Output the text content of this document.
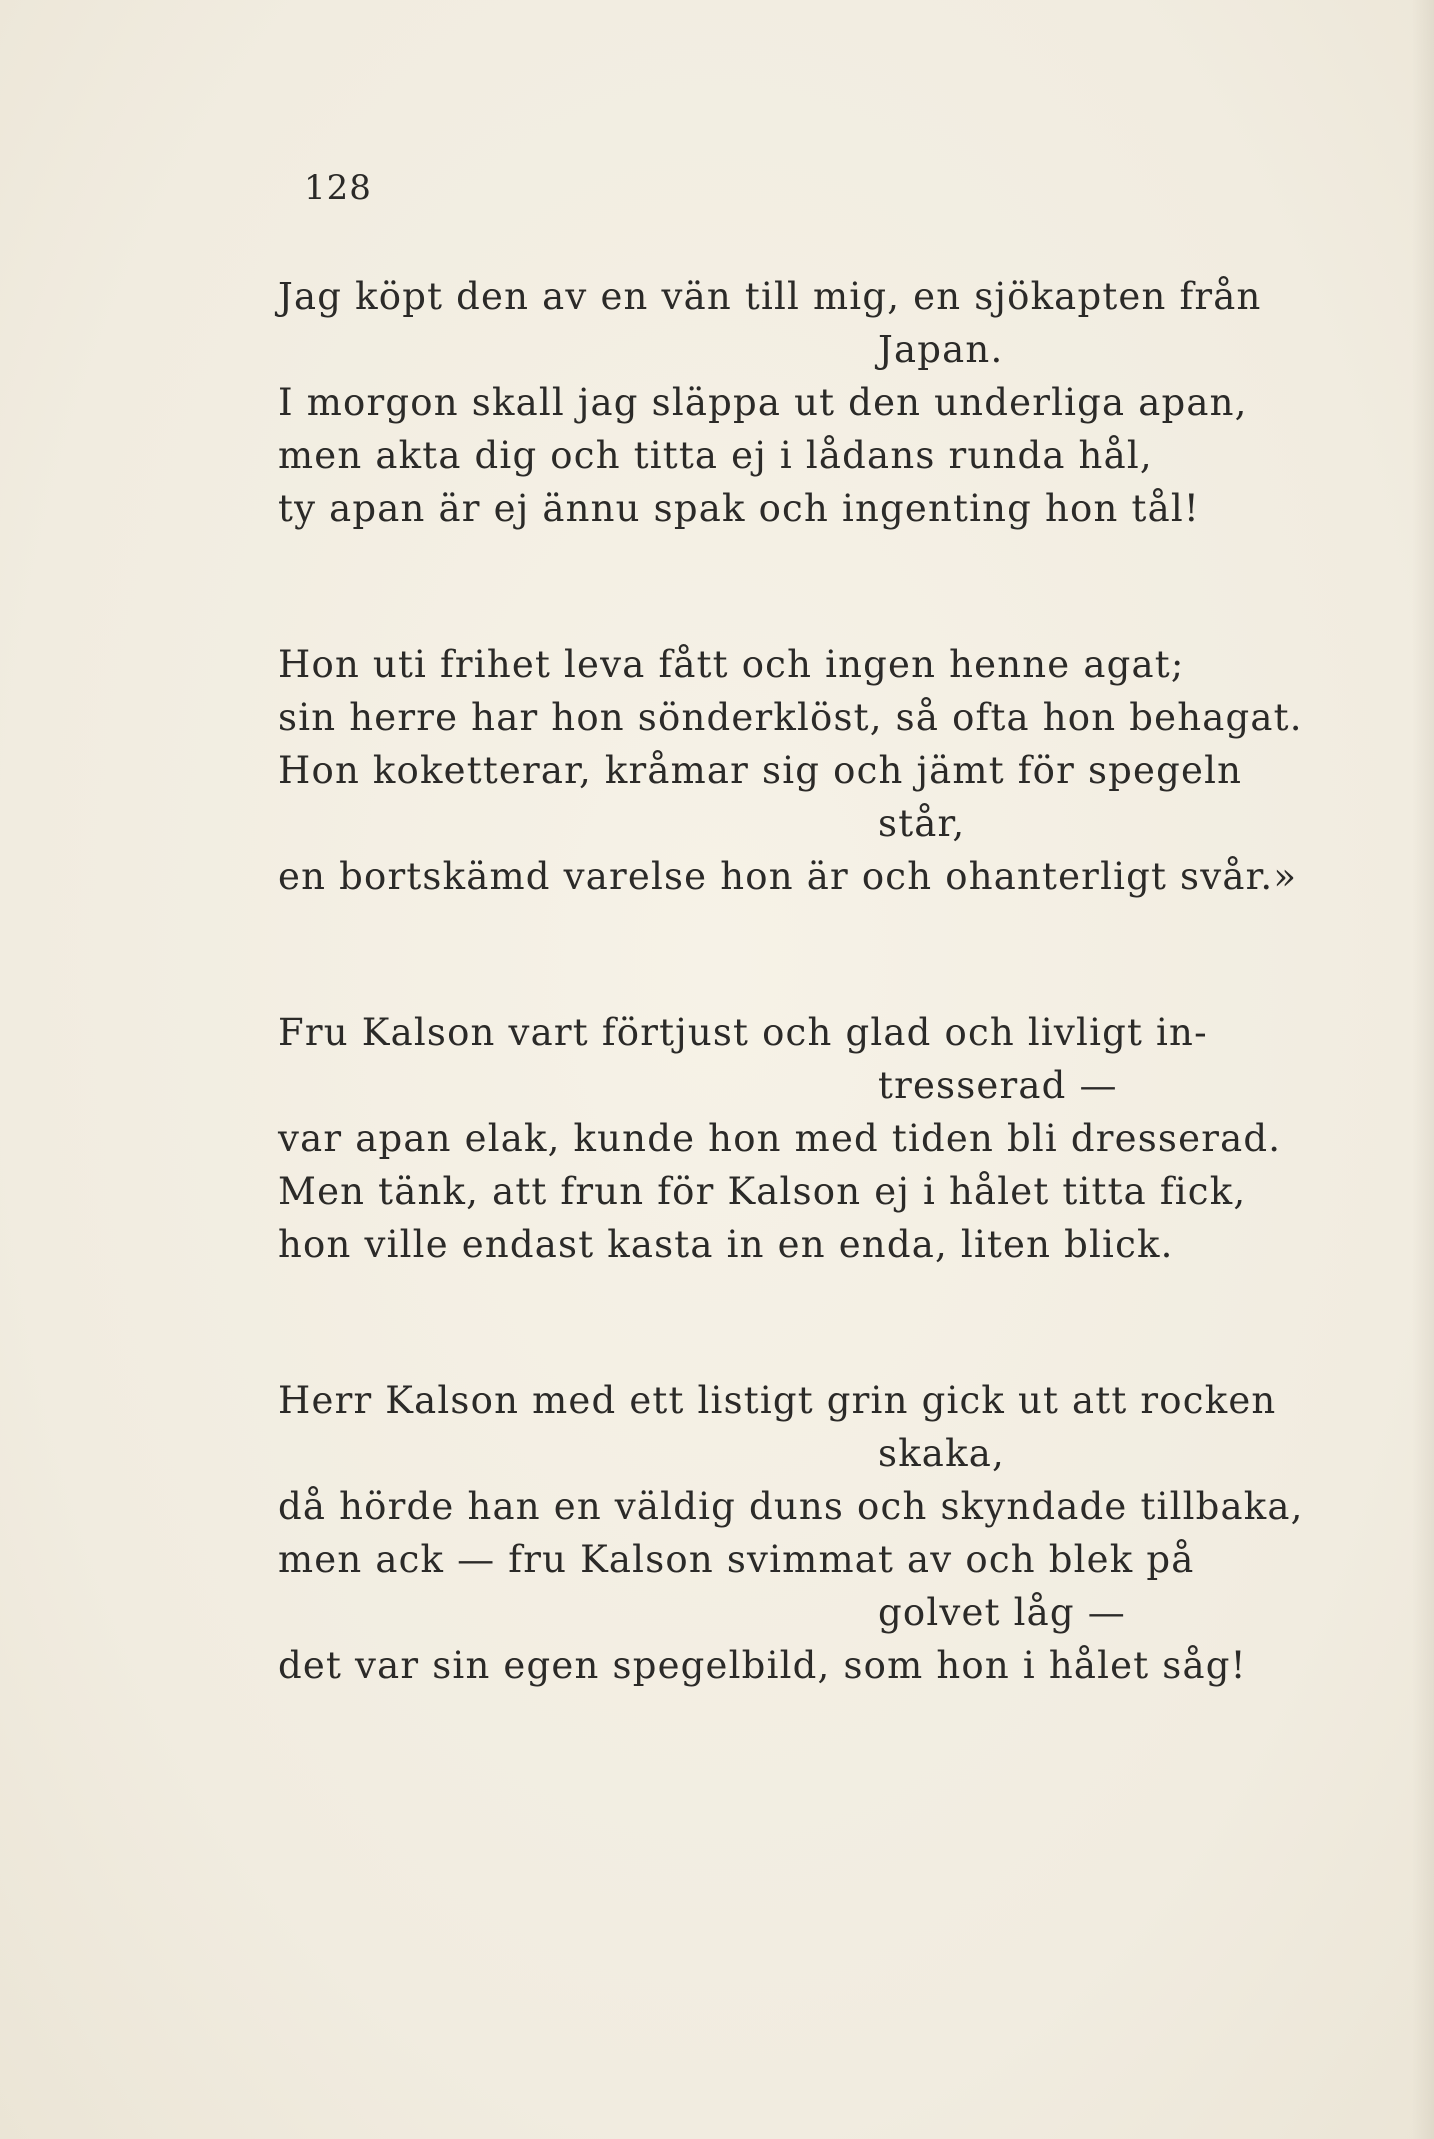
128
Jag köpt den av en vän till mig, en sjökapten från
Japan.
I morgon skall jag släppa ut den underliga apan,
men akta dig och titta ej i lådans runda hål,
ty apan är ej ännu spak och ingenting hon tål!
Hon uti frihet leva fått och ingen henne agat;
sin herre har hon sönderklöst, så ofta hon behagat.
Hon koketterar, kråmar sig och jämt för spegeln
står,
en bortskämd varelse hon är och ohanterligt svår.»
Fru Kalson vart förtjust och glad och livligt in-
tresserad —
var apan elak, kunde hon med tiden bli dresserad.
Men tänk, att frun för Kalson ej i hålet titta fick,
hon ville endast kasta in en enda, liten blick.
Herr Kalson med ett listigt grin gick ut att rocken
skaka,
då hörde han en väldig duns och skyndade tillbaka,
men ack — fru Kalson svimmat av och blek på
golvet låg —
det var sin egen spegelbild, som hon i hålet såg!
